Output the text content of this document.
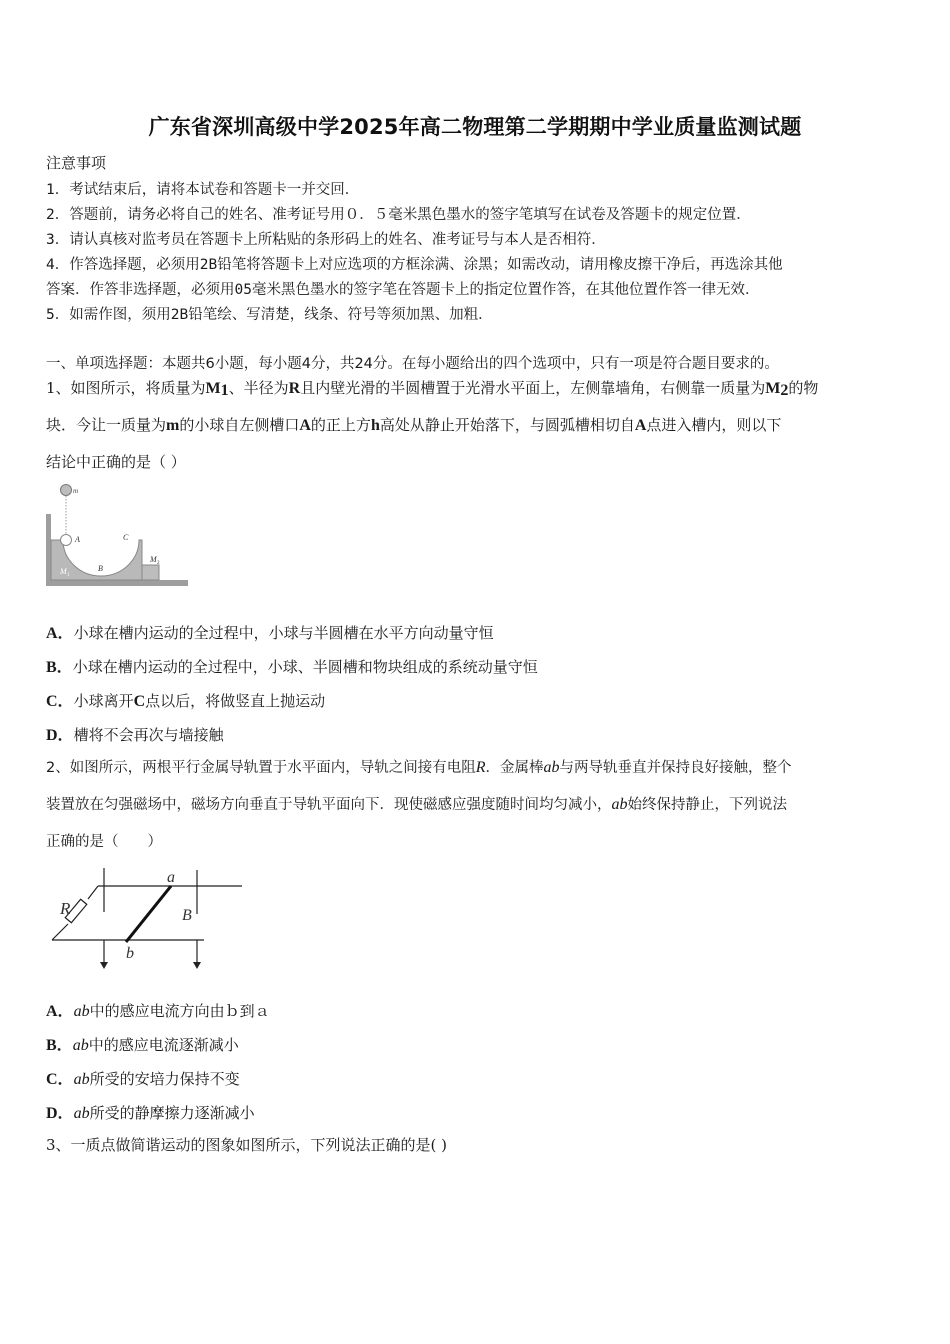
广东省深圳高级中学2025年高二物理第二学期期中学业质量监测试题
注意事项
1．考试结束后，请将本试卷和答题卡一并交回．
2．答题前，请务必将自己的姓名、准考证号用０．５毫米黑色墨水的签字笔填写在试卷及答题卡的规定位置．
3．请认真核对监考员在答题卡上所粘贴的条形码上的姓名、准考证号与本人是否相符．
4．作答选择题，必须用2B铅笔将答题卡上对应选项的方框涂满、涂黑；如需改动，请用橡皮擦干净后，再选涂其他
答案．作答非选择题，必须用05毫米黑色墨水的签字笔在答题卡上的指定位置作答，在其他位置作答一律无效．
5．如需作图，须用2B铅笔绘、写清楚，线条、符号等须加黑、加粗．
一、单项选择题：本题共6小题，每小题4分，共24分。在每小题给出的四个选项中，只有一项是符合题目要求的。
1、如图所示，将质量为$M_1$、半径为R且内壁光滑的半圆槽置于光滑水平面上，左侧靠墙角，右侧靠一质量为$M_2$的物
块．今让一质量为m的小球自左侧槽口A的正上方h高处从静止开始落下，与圆弧槽相切自A点进入槽内，则以下
结论中正确的是（ ）
m
A
B
C
M 1
M 2
A．小球在槽内运动的全过程中，小球与半圆槽在水平方向动量守恒
B．小球在槽内运动的全过程中，小球、半圆槽和物块组成的系统动量守恒
C．小球离开C点以后，将做竖直上抛运动
D．槽将不会再次与墙接触
2、如图所示，两根平行金属导轨置于水平面内，导轨之间接有电阻R．金属棒ab与两导轨垂直并保持良好接触，整个
装置放在匀强磁场中，磁场方向垂直于导轨平面向下．现使磁感应强度随时间均匀减小，ab始终保持静止，下列说法
正确的是（　　）
R
a
b
B
A．ab中的感应电流方向由ｂ到ａ
B．ab中的感应电流逐渐减小
C．ab所受的安培力保持不变
D．ab所受的静摩擦力逐渐减小
3、一质点做简谐运动的图象如图所示，下列说法正确的是( )
